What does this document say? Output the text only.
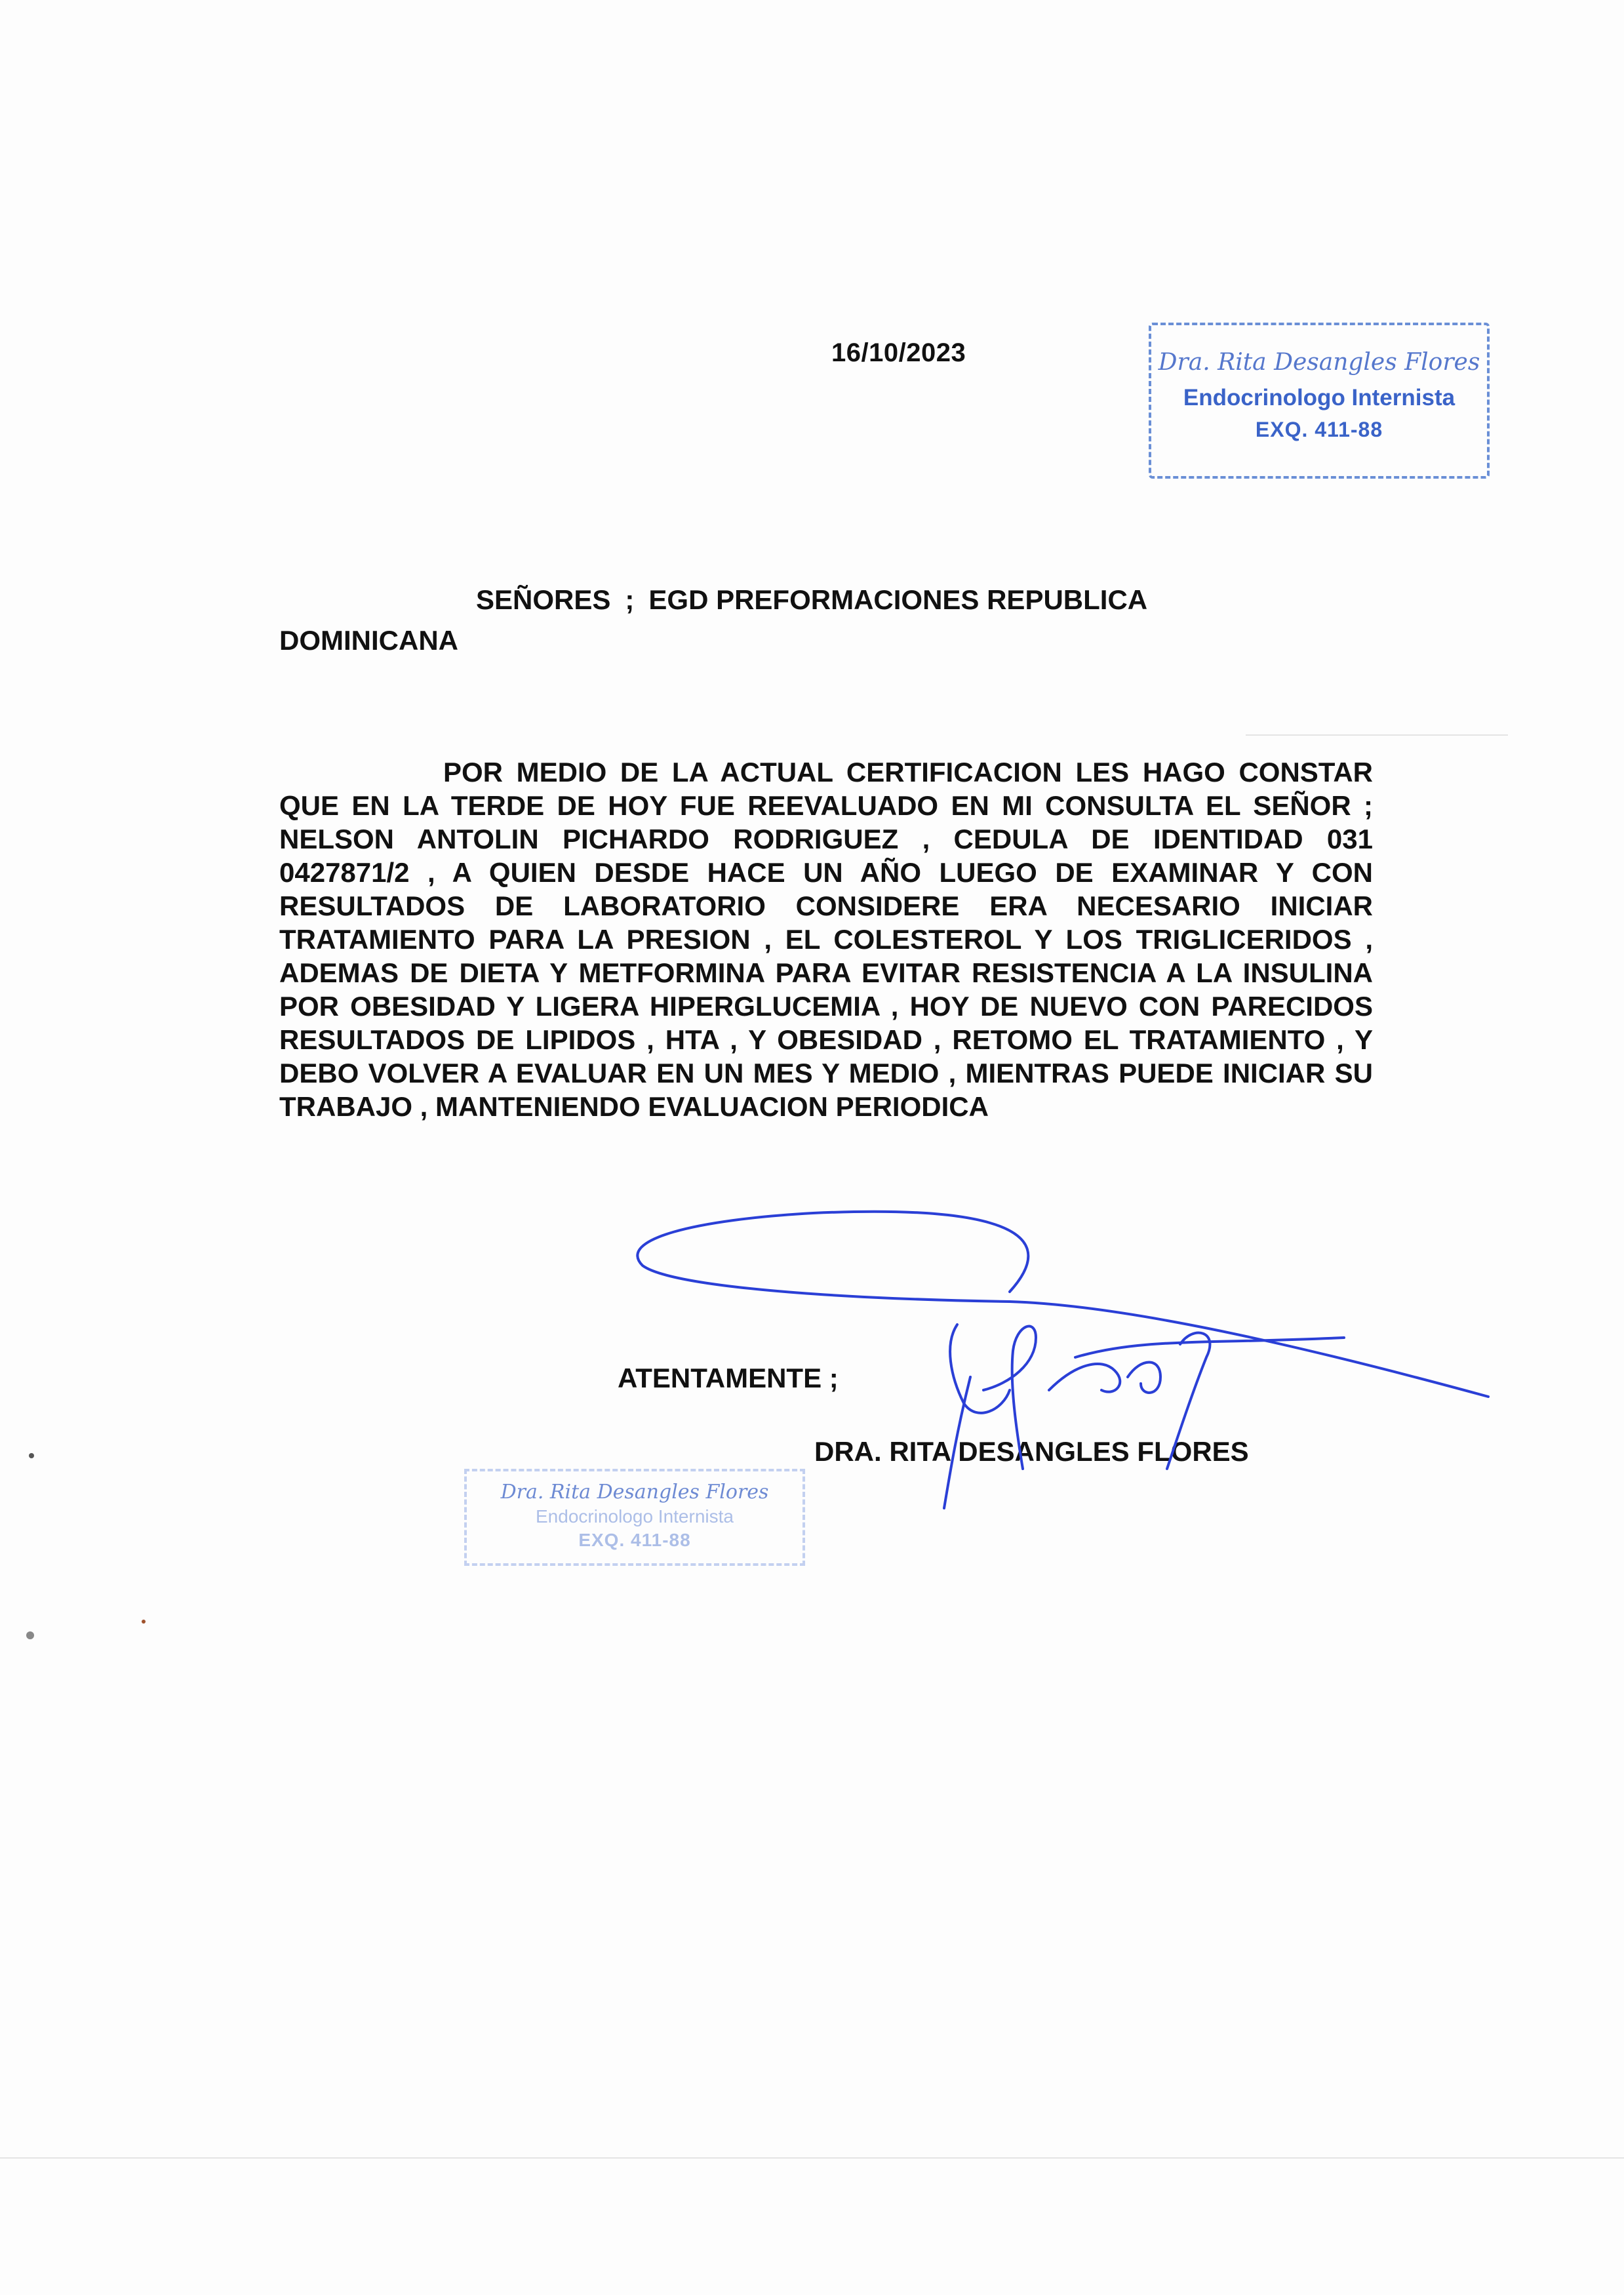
16/10/2023	Dra. Rita Desangles Flores
Endocrinologo Internista
EXQ. 411-88
SEÑORES ; EGD PREFORMACIONES REPUBLICA
DOMINICANA
POR MEDIO DE LA ACTUAL CERTIFICACION LES HAGO CONSTAR QUE EN LA TERDE DE HOY FUE REEVALUADO EN MI CONSULTA EL SEÑOR ; NELSON ANTOLIN PICHARDO RODRIGUEZ , CEDULA DE IDENTIDAD 031 0427871/2 , A QUIEN DESDE HACE UN AÑO LUEGO DE EXAMINAR Y CON RESULTADOS DE LABORATORIO CONSIDERE ERA NECESARIO INICIAR TRATAMIENTO PARA LA PRESION , EL COLESTEROL Y LOS TRIGLICERIDOS , ADEMAS DE DIETA Y METFORMINA PARA EVITAR RESISTENCIA A LA INSULINA POR OBESIDAD Y LIGERA HIPERGLUCEMIA , HOY DE NUEVO CON PARECIDOS RESULTADOS DE LIPIDOS , HTA , Y OBESIDAD , RETOMO EL TRATAMIENTO , Y DEBO VOLVER A EVALUAR EN UN MES Y MEDIO , MIENTRAS PUEDE INICIAR SU TRABAJO , MANTENIENDO EVALUACION PERIODICA
ATENTAMENTE ;
DRA. RITA DESANGLES FLORES
Dra. Rita Desangles Flores
Endocrinologo Internista
EXQ. 411-88
